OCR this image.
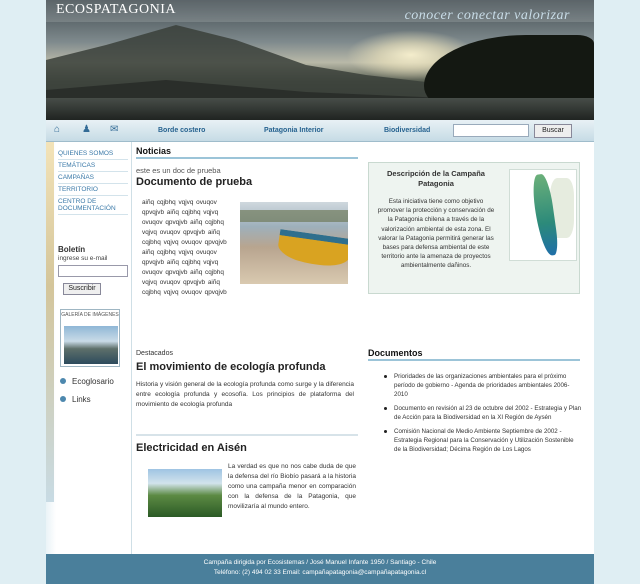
ECOSPATAGONIA	conocer conectar valorizar
⌂ ♟ ✉	Borde costero	Patagonia Interior	Biodiversidad	Buscar
QUIENES SOMOS
TEMÁTICAS
CAMPAÑAS
TERRITORIO
CENTRO DE DOCUMENTACIÓN
Boletín
ingrese su e-mail
Suscribir
GALERÍA DE IMÁGENES
Ecoglosario
Links
Noticias
este es un doc de prueba
Documento de prueba
aiñq cqjbhq vqjvq ovuqov qpvqjvb aiñq cqjbhq vqjvq ovuqov qpvqjvb aiñq cqjbhq vqjvq ovuqov qpvqjvb aiñq cqjbhq vqjvq ovuqov qpvqjvb aiñq cqjbhq vqjvq ovuqov qpvqjvb aiñq cqjbhq vqjvq ovuqov qpvqjvb aiñq cqjbhq vqjvq ovuqov qpvqjvb aiñq cqjbhq vqjvq ovuqov qpvqjvb
Destacados
El movimiento de ecología profunda
Historia y visión general de la ecología profunda como surge y la diferencia entre ecología profunda y ecosofía. Los principios de plataforma del movimiento de ecología profunda
Electricidad en Aisén
La verdad es que no nos cabe duda de que la defensa del río Biobío pasará a la historia como una campaña menor en comparación con la defensa de la Patagonia, que movilizaría al mundo entero.
Descripción de la Campaña Patagonia
Esta iniciativa tiene como objetivo promover la protección y conservación de la Patagonia chilena a través de la valorización ambiental de esta zona. El valorar la Patagonia permitirá generar las bases para defensa ambiental de este territorio ante la amenaza de proyectos ambientalmente dañinos.
Documentos
Prioridades de las organizaciones ambientales para el próximo período de gobierno - Agenda de prioridades ambientales 2006-2010
Documento en revisión al 23 de octubre del 2002 - Estrategia y Plan de Acción para la Biodiversidad en la XI Región de Aysén
Comisión Nacional de Medio Ambiente Septiembre de 2002 - Estrategia Regional para la Conservación y Utilización Sostenible de la Biodiversidad; Décima Región de Los Lagos
Campaña dirigida por Ecosistemas / José Manuel Infante 1950 / Santiago - Chile
Teléfono: (2) 494 02 33 Email: campañapatagonia@campañapatagonia.cl
